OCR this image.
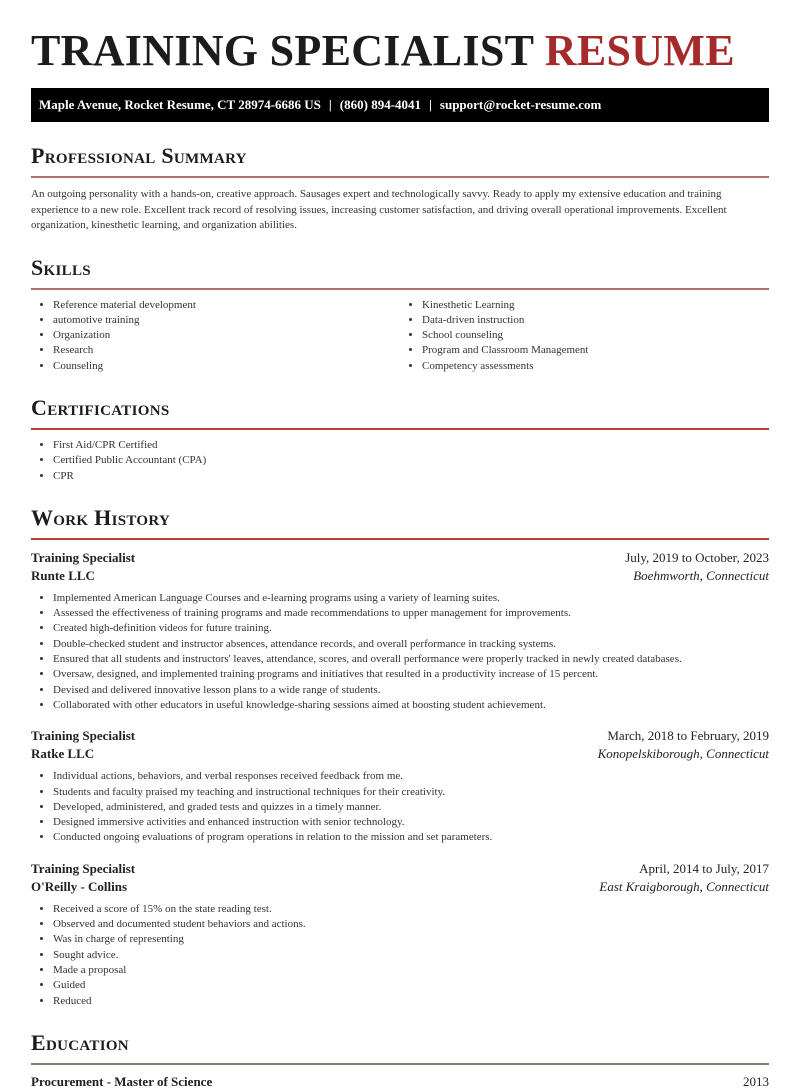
TRAINING SPECIALIST RESUME
Maple Avenue, Rocket Resume, CT 28974-6686 US | (860) 894-4041 | support@rocket-resume.com
Professional Summary

An outgoing personality with a hands-on, creative approach. Sausages expert and technologically savvy. Ready to apply my extensive education and training experience to a new role. Excellent track record of resolving issues, increasing customer satisfaction, and driving overall operational improvements. Excellent organization, kinesthetic learning, and organization abilities.

Skills
• Reference material development
• automotive training
• Organization
• Research
• Counseling
• Kinesthetic Learning
• Data-driven instruction
• School counseling
• Program and Classroom Management
• Competency assessments
Certifications
• First Aid/CPR Certified
• Certified Public Accountant (CPA)
• CPR
Work History
Training Specialist	July, 2019 to October, 2023
Runte LLC	Boehmworth, Connecticut
• Implemented American Language Courses and e-learning programs using a variety of learning suites.
• Assessed the effectiveness of training programs and made recommendations to upper management for improvements.
• Created high-definition videos for future training.
• Double-checked student and instructor absences, attendance records, and overall performance in tracking systems.
• Ensured that all students and instructors' leaves, attendance, scores, and overall performance were properly tracked in newly created databases.
• Oversaw, designed, and implemented training programs and initiatives that resulted in a productivity increase of 15 percent.
• Devised and delivered innovative lesson plans to a wide range of students.
• Collaborated with other educators in useful knowledge-sharing sessions aimed at boosting student achievement.
Training Specialist	March, 2018 to February, 2019
Ratke LLC	Konopelskiborough, Connecticut
• Individual actions, behaviors, and verbal responses received feedback from me.
• Students and faculty praised my teaching and instructional techniques for their creativity.
• Developed, administered, and graded tests and quizzes in a timely manner.
• Designed immersive activities and enhanced instruction with senior technology.
• Conducted ongoing evaluations of program operations in relation to the mission and set parameters.
Training Specialist	April, 2014 to July, 2017
O'Reilly - Collins	East Kraigborough, Connecticut
• Received a score of 15% on the state reading test.
• Observed and documented student behaviors and actions.
• Was in charge of representing
• Sought advice.
• Made a proposal
• Guided
• Reduced
Education
Procurement - Master of Science	2013
